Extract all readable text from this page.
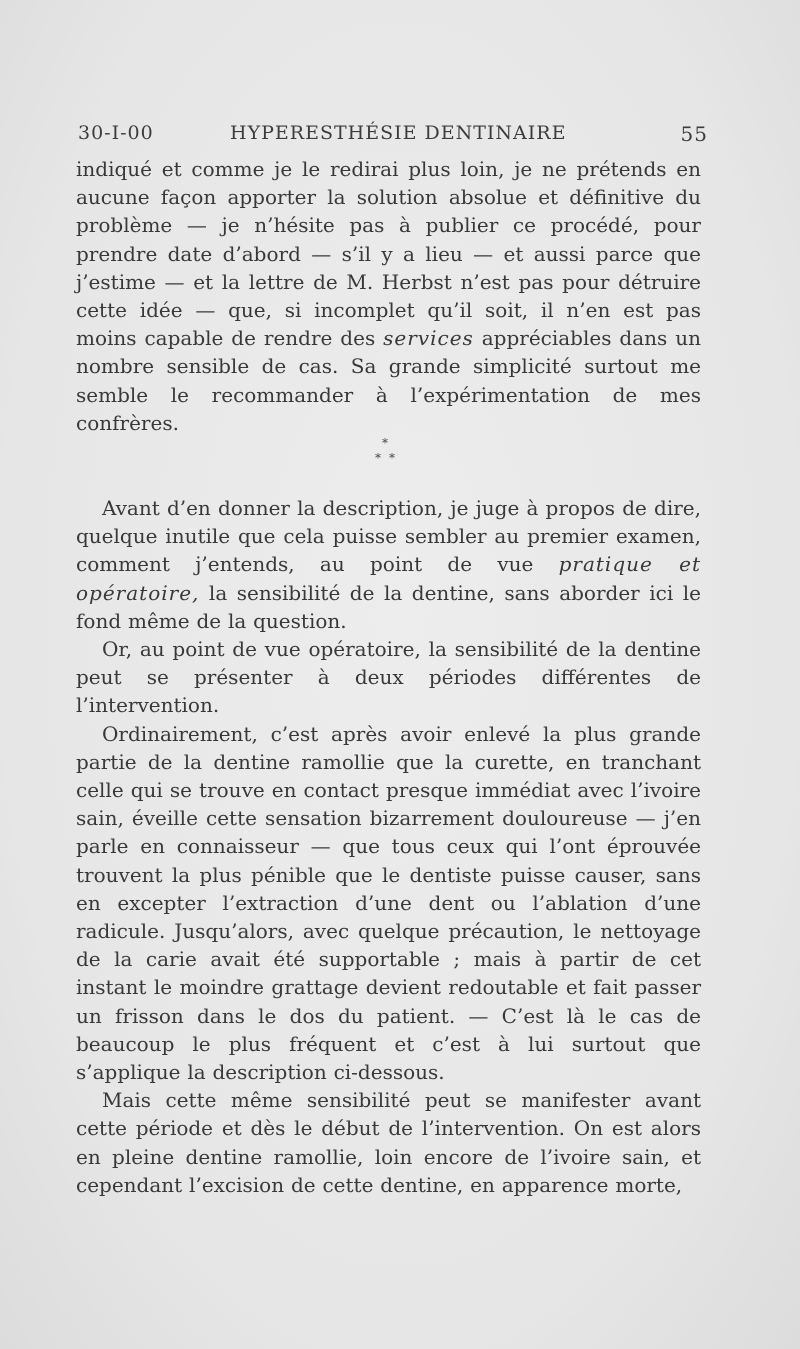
30-I-00	HYPERESTHÉSIE DENTINAIRE	55

indiqué et comme je le redirai plus loin, je ne prétends en aucune façon apporter la solution absolue et définitive du problème — je n’hésite pas à publier ce procédé, pour prendre date d’abord — s’il y a lieu — et aussi parce que j’estime — et la lettre de M. Herbst n’est pas pour détruire cette idée — que, si incomplet qu’il soit, il n’en est pas moins capable de rendre des services appréciables dans un nombre sensible de cas. Sa grande simplicité surtout me semble le recommander à l’expérimentation de mes confrères.

*
* *

Avant d’en donner la description, je juge à propos de dire, quelque inutile que cela puisse sembler au premier examen, comment j’entends, au point de vue pratique et opératoire, la sensibilité de la dentine, sans aborder ici le fond même de la question.

Or, au point de vue opératoire, la sensibilité de la dentine peut se présenter à deux périodes différentes de l’intervention.

Ordinairement, c’est après avoir enlevé la plus grande partie de la dentine ramollie que la curette, en tranchant celle qui se trouve en contact presque immédiat avec l’ivoire sain, éveille cette sensation bizarrement douloureuse — j’en parle en connaisseur — que tous ceux qui l’ont éprouvée trouvent la plus pénible que le dentiste puisse causer, sans en excepter l’extraction d’une dent ou l’ablation d’une radicule. Jusqu’alors, avec quelque précaution, le nettoyage de la carie avait été supportable ; mais à partir de cet instant le moindre grattage devient redoutable et fait passer un frisson dans le dos du patient. — C’est là le cas de beaucoup le plus fréquent et c’est à lui surtout que s’applique la description ci-dessous.

Mais cette même sensibilité peut se manifester avant cette période et dès le début de l’intervention. On est alors en pleine dentine ramollie, loin encore de l’ivoire sain, et cependant l’excision de cette dentine, en apparence morte,
